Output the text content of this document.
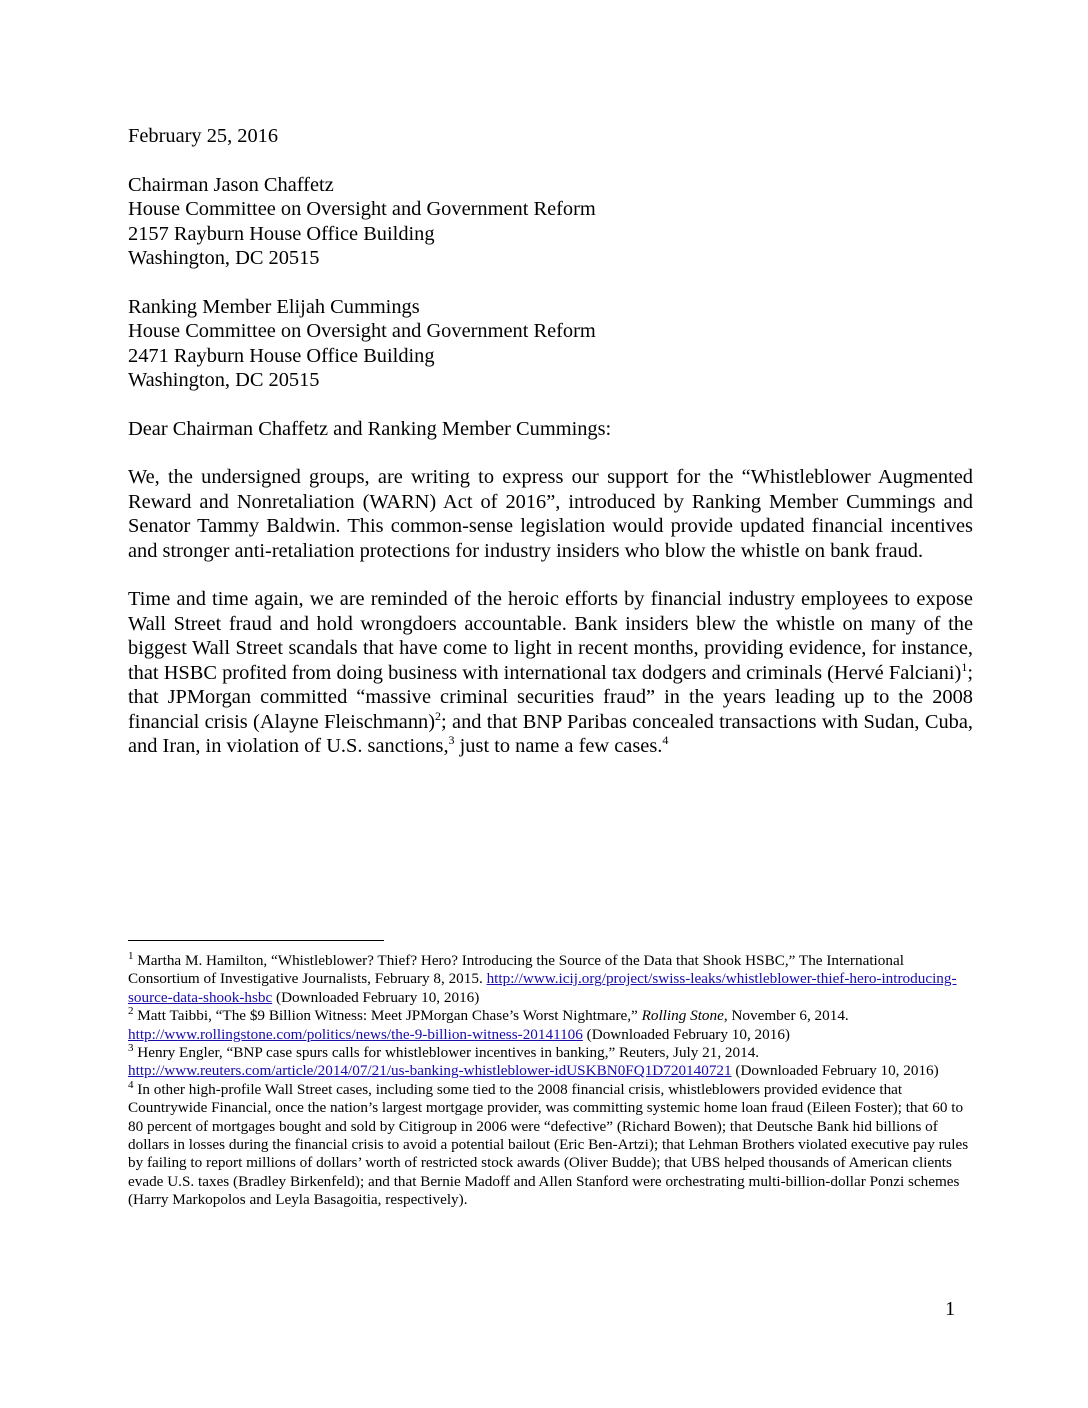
February 25, 2016

Chairman Jason Chaffetz

House Committee on Oversight and Government Reform

2157 Rayburn House Office Building

Washington, DC 20515

Ranking Member Elijah Cummings

House Committee on Oversight and Government Reform

2471 Rayburn House Office Building

Washington, DC 20515

Dear Chairman Chaffetz and Ranking Member Cummings:

We, the undersigned groups, are writing to express our support for the “Whistleblower Augmented Reward and Nonretaliation (WARN) Act of 2016”, introduced by Ranking Member Cummings and Senator Tammy Baldwin. This common-sense legislation would provide updated financial incentives and stronger anti-retaliation protections for industry insiders who blow the whistle on bank fraud.

Time and time again, we are reminded of the heroic efforts by financial industry employees to expose Wall Street fraud and hold wrongdoers accountable. Bank insiders blew the whistle on many of the biggest Wall Street scandals that have come to light in recent months, providing evidence, for instance, that HSBC profited from doing business with international tax dodgers and criminals (Hervé Falciani)$^1$; that JPMorgan committed “massive criminal securities fraud” in the years leading up to the 2008 financial crisis (Alayne Fleischmann)$^2$; and that BNP Paribas concealed transactions with Sudan, Cuba, and Iran, in violation of U.S. sanctions,$^3$ just to name a few cases.$^4$

$^1$ Martha M. Hamilton, “Whistleblower? Thief? Hero? Introducing the Source of the Data that Shook HSBC,” The International Consortium of Investigative Journalists, February 8, 2015. http://www.icij.org/project/swiss-leaks/whistleblower-thief-hero-introducing-source-data-shook-hsbc (Downloaded February 10, 2016)

$^2$ Matt Taibbi, “The $9 Billion Witness: Meet JPMorgan Chase’s Worst Nightmare,” Rolling Stone, November 6, 2014. http://www.rollingstone.com/politics/news/the-9-billion-witness-20141106 (Downloaded February 10, 2016)

$^3$ Henry Engler, “BNP case spurs calls for whistleblower incentives in banking,” Reuters, July 21, 2014. http://www.reuters.com/article/2014/07/21/us-banking-whistleblower-idUSKBN0FQ1D720140721 (Downloaded February 10, 2016)

$^4$ In other high-profile Wall Street cases, including some tied to the 2008 financial crisis, whistleblowers provided evidence that Countrywide Financial, once the nation’s largest mortgage provider, was committing systemic home loan fraud (Eileen Foster); that 60 to 80 percent of mortgages bought and sold by Citigroup in 2006 were “defective” (Richard Bowen); that Deutsche Bank hid billions of dollars in losses during the financial crisis to avoid a potential bailout (Eric Ben-Artzi); that Lehman Brothers violated executive pay rules by failing to report millions of dollars’ worth of restricted stock awards (Oliver Budde); that UBS helped thousands of American clients evade U.S. taxes (Bradley Birkenfeld); and that Bernie Madoff and Allen Stanford were orchestrating multi-billion-dollar Ponzi schemes (Harry Markopolos and Leyla Basagoitia, respectively).

1
